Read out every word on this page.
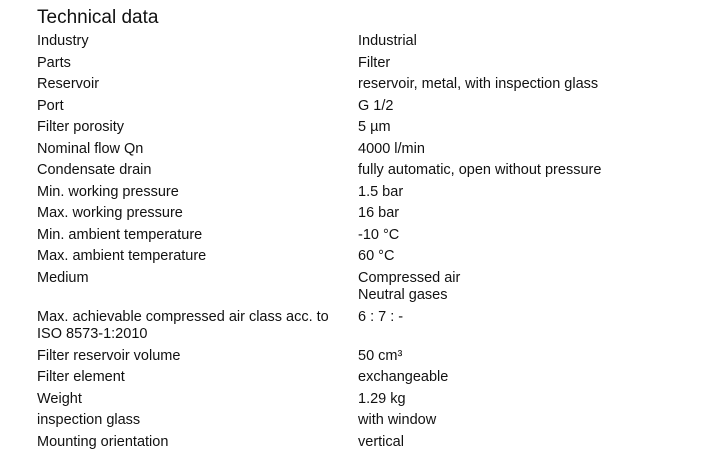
Technical data
Industry	Industrial
Parts	Filter
Reservoir	reservoir, metal, with inspection glass
Port	G 1/2
Filter porosity	5 µm
Nominal flow Qn	4000 l/min
Condensate drain	fully automatic, open without pressure
Min. working pressure	1.5 bar
Max. working pressure	16 bar
Min. ambient temperature	-10 °C
Max. ambient temperature	60 °C
Medium	Compressed air
Neutral gases

Max. achievable compressed air class acc. to
ISO 8573-1:2010	6 : 7 : -
Filter reservoir volume	50 cm³
Filter element	exchangeable
Weight	1.29 kg
inspection glass	with window
Mounting orientation	vertical
